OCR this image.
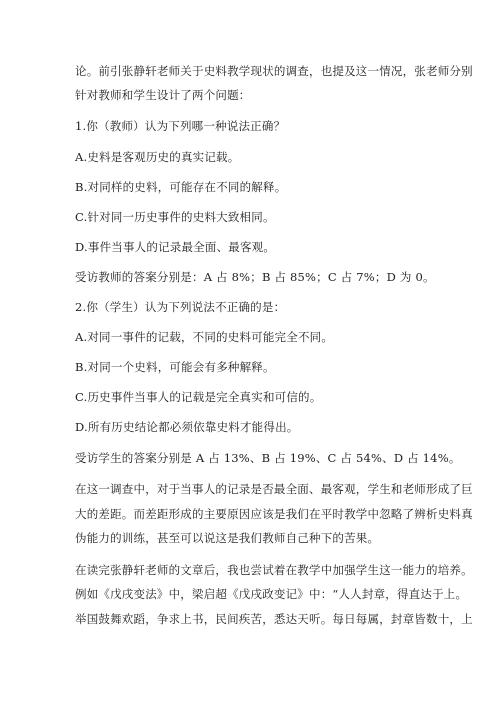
论。前引张静轩老师关于史料教学现状的调查，也提及这一情况，张老师分别
针对教师和学生设计了两个问题：
1.你（教师）认为下列哪一种说法正确？
A.史料是客观历史的真实记载。
B.对同样的史料，可能存在不同的解释。
C.针对同一历史事件的史料大致相同。
D.事件当事人的记录最全面、最客观。
受访教师的答案分别是：A 占 8%；B 占 85%；C 占 7%；D 为 0。
2.你（学生）认为下列说法不正确的是：
A.对同一事件的记载，不同的史料可能完全不同。
B.对同一个史料，可能会有多种解释。
C.历史事件当事人的记载是完全真实和可信的。
D.所有历史结论都必须依靠史料才能得出。
受访学生的答案分别是 A 占 13%、B 占 19%、C 占 54%、D 占 14%。
在这一调查中，对于当事人的记录是否最全面、最客观，学生和老师形成了巨
大的差距。而差距形成的主要原因应该是我们在平时教学中忽略了辨析史料真
伪能力的训练，甚至可以说这是我们教师自己种下的苦果。
在读完张静轩老师的文章后，我也尝试着在教学中加强学生这一能力的培养。
例如《戊戌变法》中，梁启超《戊戌政变记》中：“人人封章，得直达于上。
举国鼓舞欢蹈，争求上书，民间疾苦，悉达天听。每日每属，封章皆数十，上
